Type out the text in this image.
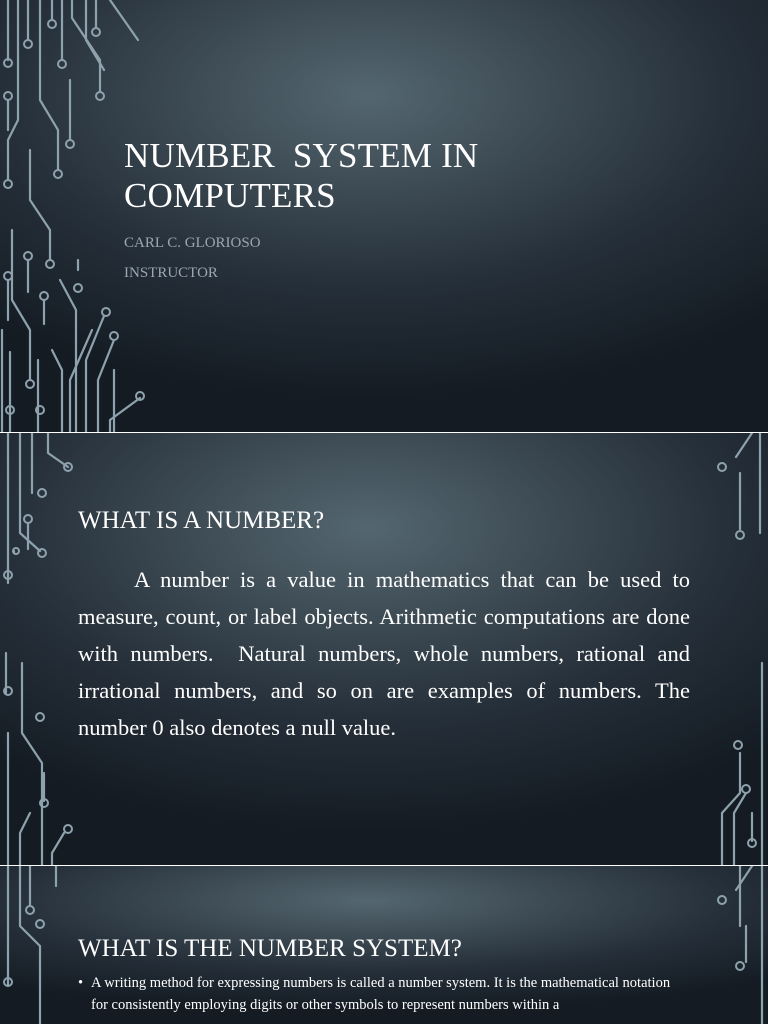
NUMBER  SYSTEM IN COMPUTERS

CARL C. GLORIOSO

INSTRUCTOR

WHAT IS A NUMBER?

A number is a value in mathematics that can be used to measure, count, or label objects. Arithmetic computations are done with numbers.  Natural numbers, whole numbers, rational and irrational numbers, and so on are examples of numbers. The number 0 also denotes a null value.

WHAT IS THE NUMBER SYSTEM?
• A writing method for expressing numbers is called a number system. It is the mathematical notation for consistently employing digits or other symbols to represent numbers within a
